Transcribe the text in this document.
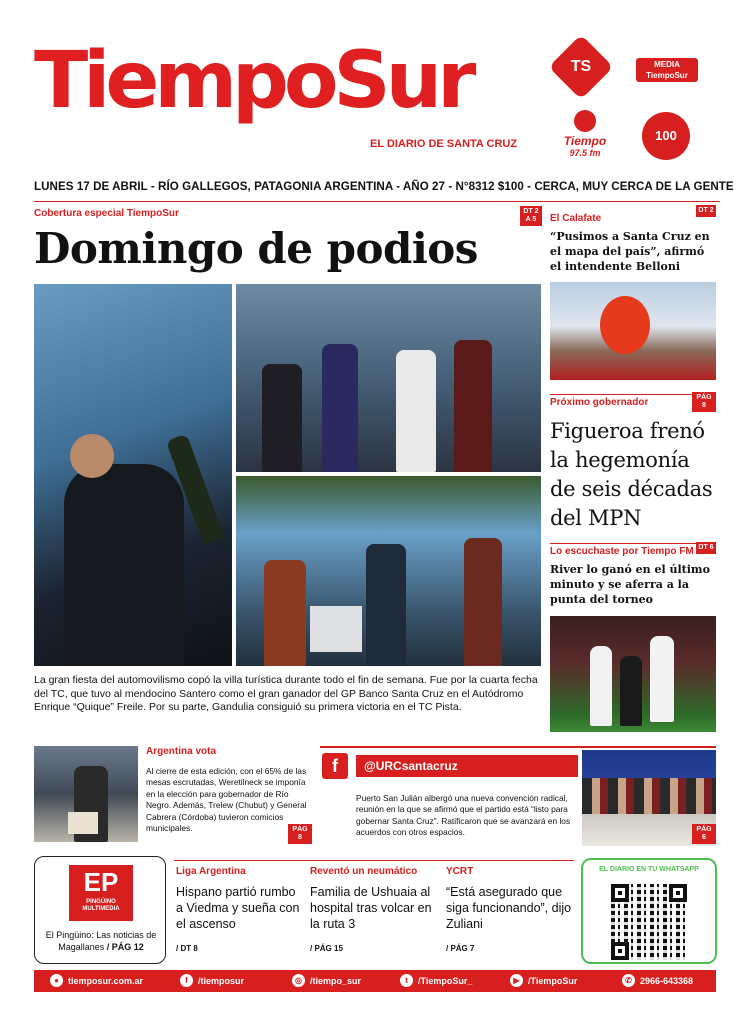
TiempoSur
EL DIARIO DE SANTA CRUZ
TS	MEDIA TiempoSur
Tiempo
97.5 fm
100
LUNES 17 DE ABRIL - RÍO GALLEGOS, PATAGONIA ARGENTINA - AÑO 27 - N°8312 $100 - CERCA, MUY CERCA DE LA GENTE
Cobertura especial TiempoSur	DT 2 A 5
Domingo de podios
La gran fiesta del automovilismo copó la villa turística durante todo el fin de semana. Fue por la cuarta fecha del TC, que tuvo al mendocino Santero como el gran ganador del GP Banco Santa Cruz en el Autódromo Enrique “Quique” Freile. Por su parte, Gandulia consiguió su primera victoria en el TC Pista.
El Calafate
DT 2
“Pusimos a Santa Cruz en el mapa del país”, afirmó el intendente Belloni
Próximo gobernador	PÁG 8
Figueroa frenó la hegemonía de seis décadas del MPN
Lo escuchaste por Tiempo FM DT 6
River lo ganó en el último minuto y se aferra a la punta del torneo
Argentina vota
Al cierre de esta edición, con el 65% de las mesas escrutadas, Weretilneck se imponía en la elección para gobernador de Río Negro. Además, Trelew (Chubut) y General Cabrera (Córdoba) tuvieron comicios municipales.	PÁG 8
f	@URCsantacruz
Puerto San Julián albergó una nueva convención radical, reunión en la que se afirmó que el partido está “listo para gobernar Santa Cruz”. Ratificaron que se avanzará en los acuerdos con otros espacios.	PÁG 6
EP
PINGÜINO MULTIMEDIA
El Pingüino: Las noticias de Magallanes / PÁG 12
Liga Argentina
Hispano partió rumbo a Viedma y sueña con el ascenso
/ DT 8
Reventó un neumático
Familia de Ushuaia al hospital tras volcar en la ruta 3
/ PÁG 15
YCRT
“Está asegurado que siga funcionando”, dijo Zuliani
/ PÁG 7
EL DIARIO EN TU WHATSAPP
●	tiemposur.com.ar	f	/tiemposur	◎ /tiempo_sur	t	/TiempoSur_	▶ /TiempoSur	✆ 2966-643368
